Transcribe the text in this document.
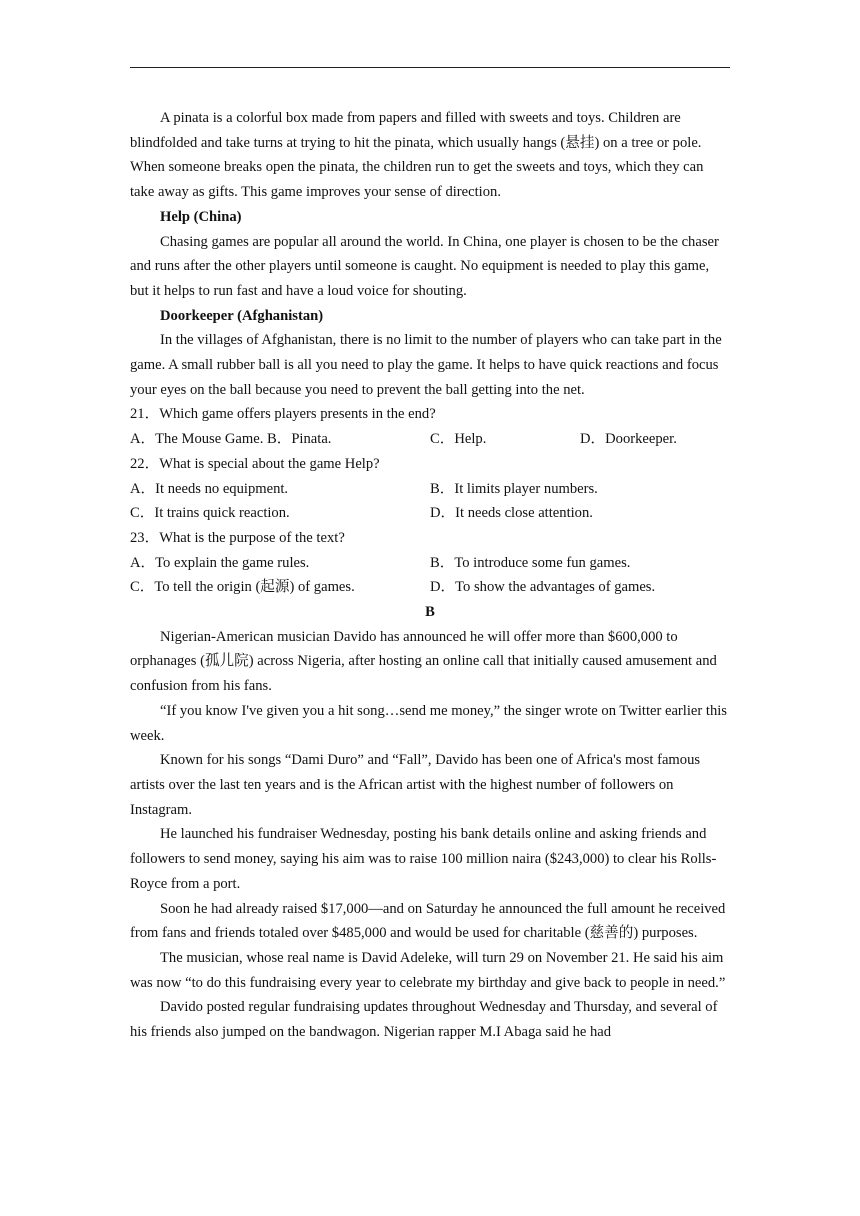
A pinata is a colorful box made from papers and filled with sweets and toys. Children are blindfolded and take turns at trying to hit the pinata, which usually hangs (悬挂) on a tree or pole. When someone breaks open the pinata, the children run to get the sweets and toys, which they can take away as gifts. This game improves your sense of direction.

Help (China)

Chasing games are popular all around the world. In China, one player is chosen to be the chaser and runs after the other players until someone is caught. No equipment is needed to play this game, but it helps to run fast and have a loud voice for shouting.

Doorkeeper (Afghanistan)

In the villages of Afghanistan, there is no limit to the number of players who can take part in the game. A small rubber ball is all you need to play the game. It helps to have quick reactions and focus your eyes on the ball because you need to prevent the ball getting into the net.

21．Which game offers players presents in the end?

A．The Mouse Game. B．Pinata.	C．Help.	D．Doorkeeper.

22．What is special about the game Help?

A．It needs no equipment.	B．It limits player numbers.
C．It trains quick reaction.	D．It needs close attention.

23．What is the purpose of the text?

A．To explain the game rules.	B．To introduce some fun games.
C．To tell the origin (起源) of games.	D．To show the advantages of games.

B

Nigerian-American musician Davido has announced he will offer more than $600,000 to orphanages (孤儿院) across Nigeria, after hosting an online call that initially caused amusement and confusion from his fans.

“If you know I've given you a hit song…send me money,” the singer wrote on Twitter earlier this week.

Known for his songs “Dami Duro” and “Fall”, Davido has been one of Africa's most famous artists over the last ten years and is the African artist with the highest number of followers on Instagram.

He launched his fundraiser Wednesday, posting his bank details online and asking friends and followers to send money, saying his aim was to raise 100 million naira ($243,000) to clear his Rolls-Royce from a port.

Soon he had already raised $17,000—and on Saturday he announced the full amount he received from fans and friends totaled over $485,000 and would be used for charitable (慈善的) purposes.

The musician, whose real name is David Adeleke, will turn 29 on November 21. He said his aim was now “to do this fundraising every year to celebrate my birthday and give back to people in need.”

Davido posted regular fundraising updates throughout Wednesday and Thursday, and several of his friends also jumped on the bandwagon. Nigerian rapper M.I Abaga said he had
